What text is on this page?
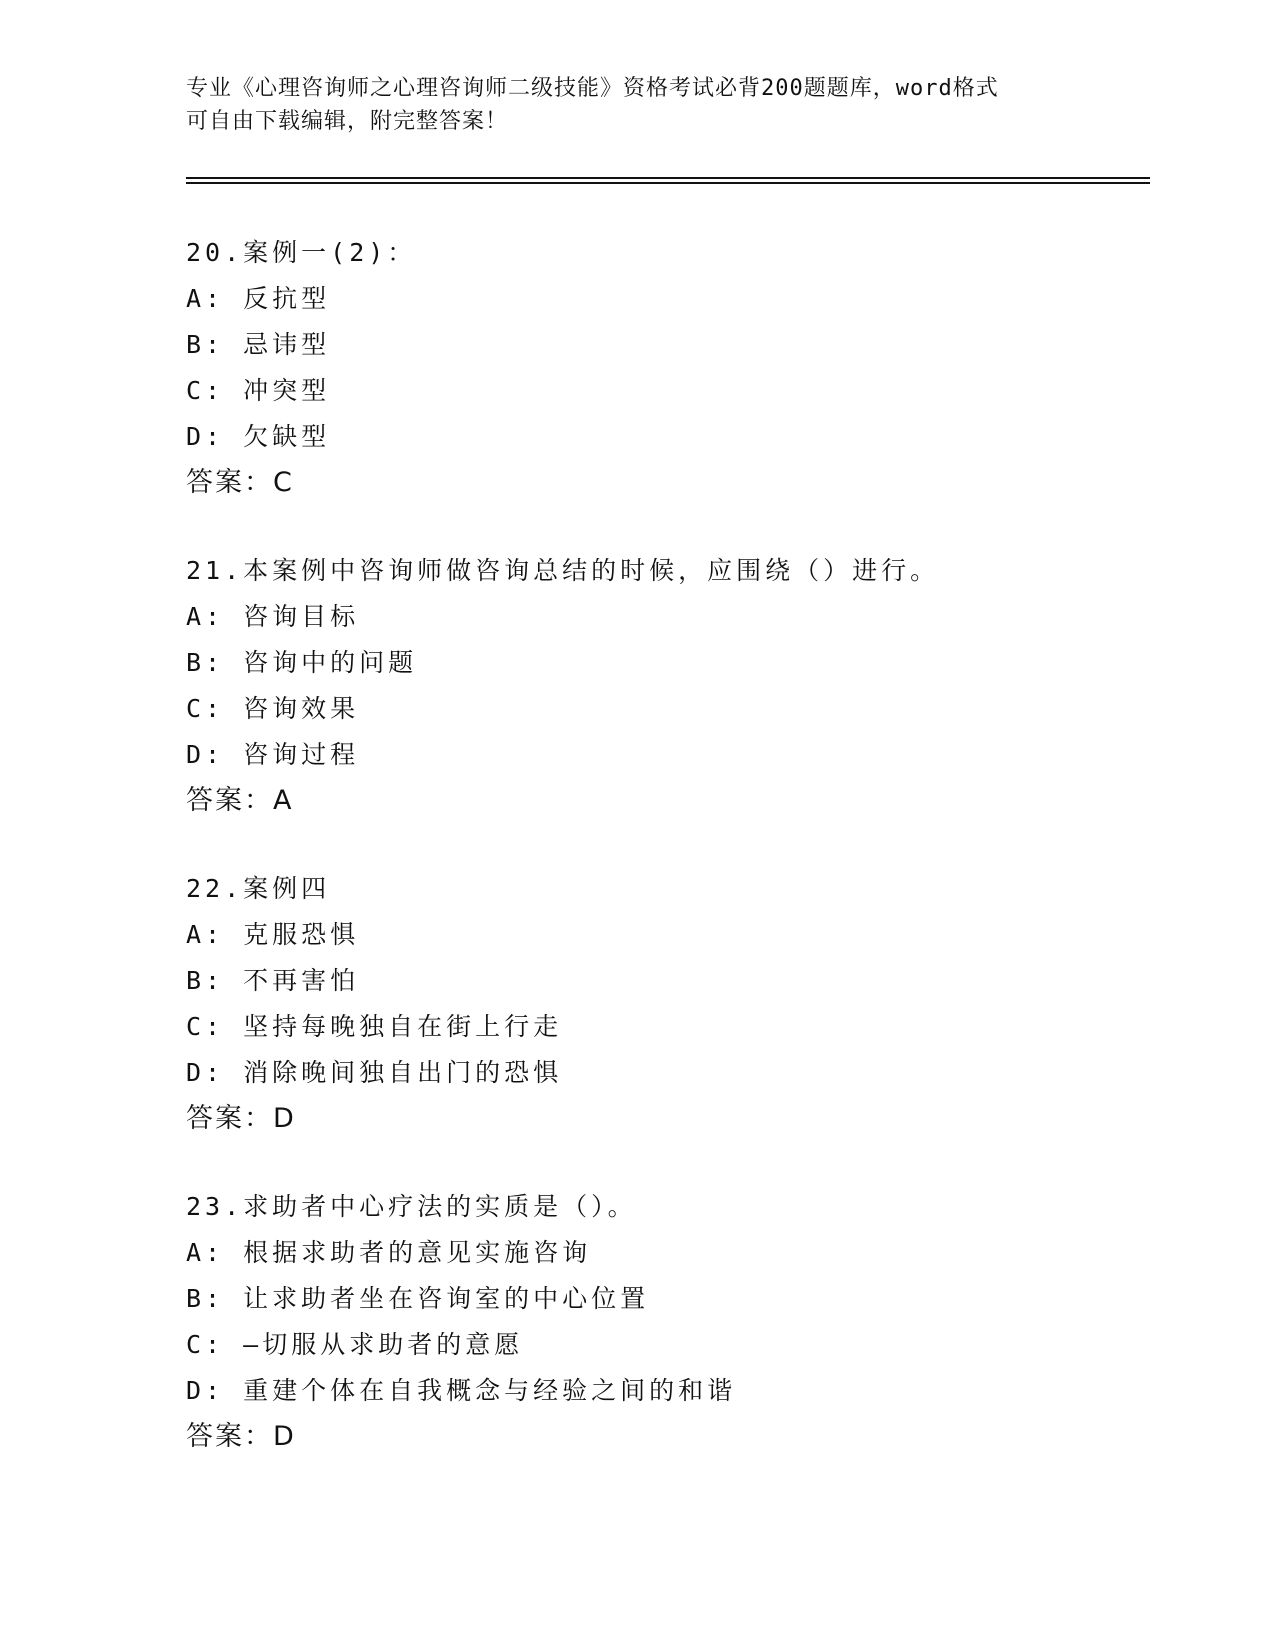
专业《心理咨询师之心理咨询师二级技能》资格考试必背200题题库，word格式
可自由下载编辑，附完整答案！
20.案例一(2)：
A: 反抗型
B: 忌讳型
C: 冲突型
D: 欠缺型
答案：C
21.本案例中咨询师做咨询总结的时候，应围绕（）进行。
A: 咨询目标
B: 咨询中的问题
C: 咨询效果
D: 咨询过程
答案：A
22.案例四
A: 克服恐惧
B: 不再害怕
C: 坚持每晚独自在街上行走
D: 消除晚间独自出门的恐惧
答案：D
23.求助者中心疗法的实质是（）。
A: 根据求助者的意见实施咨询
B: 让求助者坐在咨询室的中心位置
C: —切服从求助者的意愿
D: 重建个体在自我概念与经验之间的和谐
答案：D
